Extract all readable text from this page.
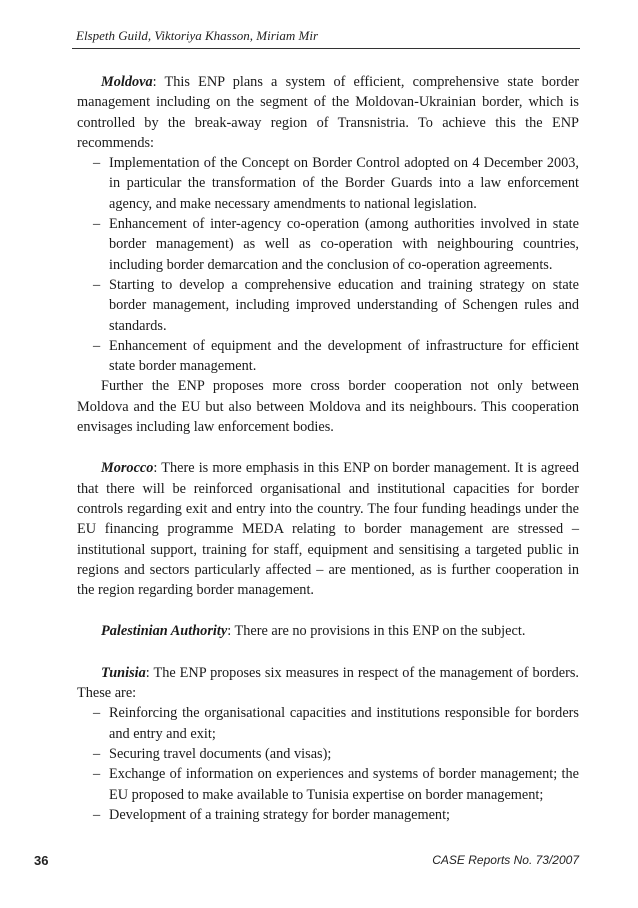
Elspeth Guild, Viktoriya Khasson, Miriam Mir

Moldova: This ENP plans a system of efficient, comprehensive state border management including on the segment of the Moldovan-Ukrainian border, which is controlled by the break-away region of Transnistria. To achieve this the ENP recommends:

– Implementation of the Concept on Border Control adopted on 4 December 2003, in particular the transformation of the Border Guards into a law enforcement agency, and make necessary amendments to national legislation.
– Enhancement of inter-agency co-operation (among authorities involved in state border management) as well as co-operation with neighbouring countries, including border demarcation and the conclusion of co-operation agreements.
– Starting to develop a comprehensive education and training strategy on state border management, including improved understanding of Schengen rules and standards.
– Enhancement of equipment and the development of infrastructure for efficient state border management.

Further the ENP proposes more cross border cooperation not only between Moldova and the EU but also between Moldova and its neighbours. This cooperation envisages including law enforcement bodies.

Morocco: There is more emphasis in this ENP on border management. It is agreed that there will be reinforced organisational and institutional capacities for border controls regarding exit and entry into the country. The four funding headings under the EU financing programme MEDA relating to border management are stressed – institutional support, training for staff, equipment and sensitising a targeted public in regions and sectors particularly affected – are mentioned, as is further cooperation in the region regarding border management.

Palestinian Authority: There are no provisions in this ENP on the subject.

Tunisia: The ENP proposes six measures in respect of the management of borders. These are:

– Reinforcing the organisational capacities and institutions responsible for borders and entry and exit;
– Securing travel documents (and visas);
– Exchange of information on experiences and systems of border management; the EU proposed to make available to Tunisia expertise on border management;
– Development of a training strategy for border management;
36	CASE Reports No. 73/2007
